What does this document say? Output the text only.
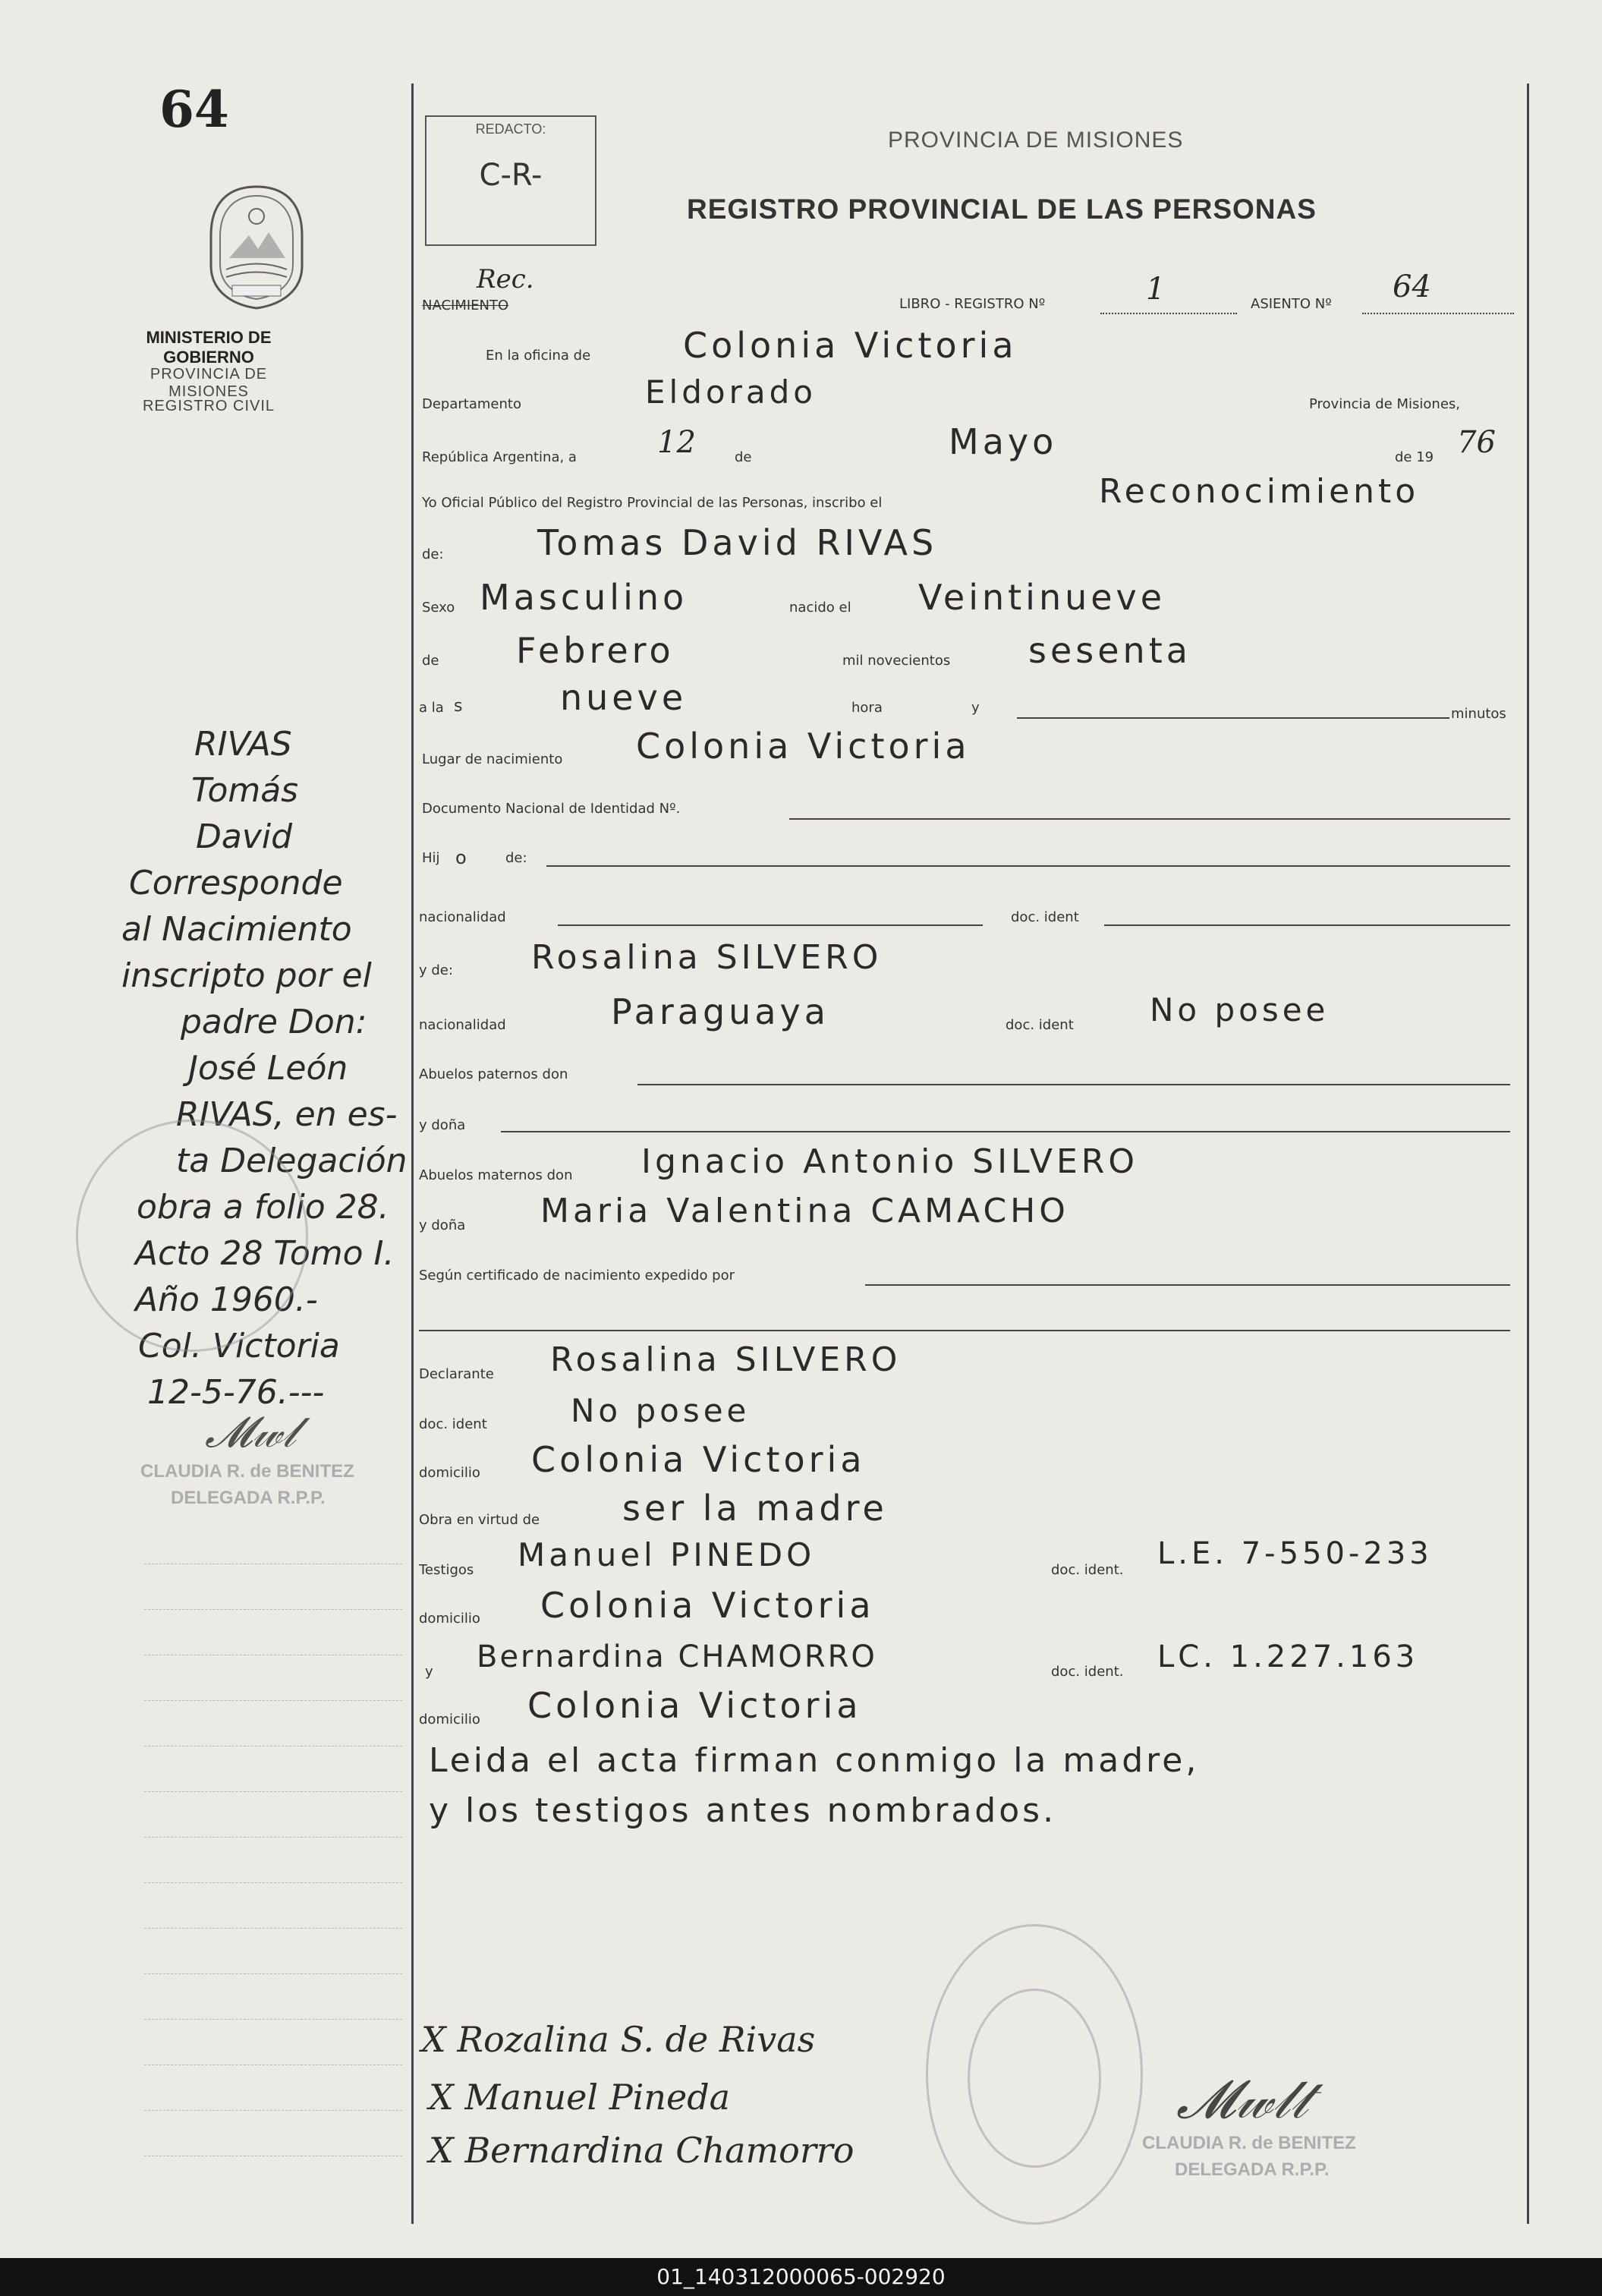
64
MINISTERIO DE GOBIERNO
PROVINCIA DE MISIONES
REGISTRO CIVIL
REDACTO:
C-R-
PROVINCIA DE MISIONES
REGISTRO PROVINCIAL DE LAS PERSONAS
Rec.
NACIMIENTO	LIBRO - REGISTRO Nº	1	ASIENTO Nº 64
En la oficina de	Colonia Victoria
Departamento	Eldorado	Provincia de Misiones,
República Argentina, a	12	de	Mayo	de 19 76
Yo Oficial Público del Registro Provincial de las Personas, inscribo el	Reconocimiento
de:	Tomas David RIVAS
Sexo Masculino	nacido el Veintinueve
de Febrero	mil novecientos sesenta
a la s	nueve	hora	y	minutos
Lugar de nacimiento Colonia Victoria
Documento Nacional de Identidad Nº.
Hij o	de:
nacionalidad	doc. ident
y de: Rosalina SILVERO
nacionalidad	Paraguaya	doc. ident No posee
Abuelos paternos don
y doña
Abuelos maternos don Ignacio Antonio SILVERO
y doña Maria Valentina CAMACHO
Según certificado de nacimiento expedido por
Declarante Rosalina SILVERO
doc. ident	No posee
domicilio Colonia Victoria
Obra en virtud de ser la madre
Testigos Manuel PINEDO	doc. ident. L.E. 7-550-233
domicilio Colonia Victoria
y Bernardina CHAMORRO	doc. ident. LC. 1.227.163
domicilio Colonia Victoria
Leida el acta firman conmigo la madre,
y los testigos antes nombrados.
RIVAS
Tomás
David
Corresponde
al Nacimiento
inscripto por el
padre Don:
José León
RIVAS, en es-
ta Delegación
obra a folio 28.
Acto 28 Tomo I.
Año 1960.-
Col. Victoria
12-5-76.---
CLAUDIA R. de BENITEZ
DELEGADA R.P.P.
𝓜𝓌𝓁
CLAUDIA R. de BENITEZ
DELEGADA R.P.P.
𝓜𝓌𝓁𝓉
X Rozalina S. de Rivas
X Manuel Pineda
X Bernardina Chamorro
01_140312000065-002920
